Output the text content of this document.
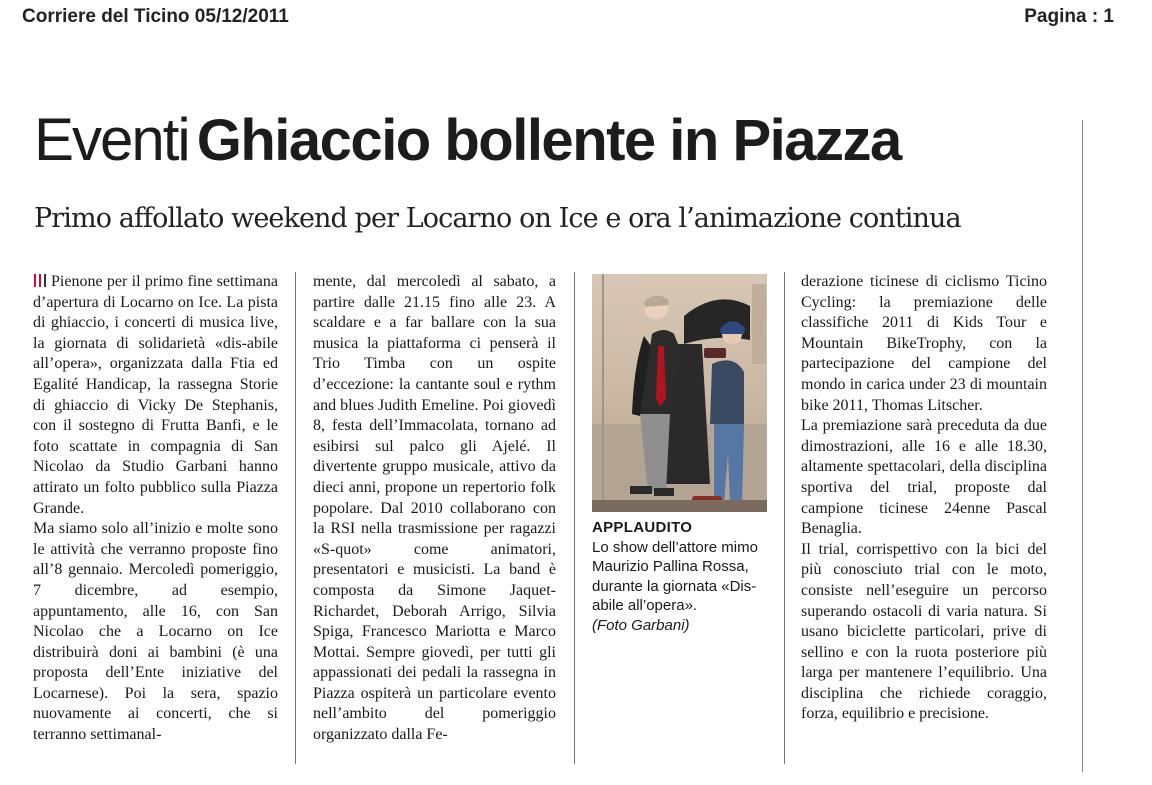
Corriere del Ticino 05/12/2011	Pagina : 1
Eventi Ghiaccio bollente in Piazza
Primo affollato weekend per Locarno on Ice e ora l’animazione continua

Pienone per il primo fine settimana d’apertura di Locarno on Ice. La pista di ghiaccio, i concerti di musica live, la giornata di solidarietà «dis-abile all’opera», organizzata dalla Ftia ed Egalité Handicap, la rassegna Storie di ghiaccio di Vicky De Stephanis, con il sostegno di Frutta Banfi, e le foto scattate in compagnia di San Nicolao da Studio Garbani hanno attirato un folto pubblico sulla Piazza Grande.

Ma siamo solo all’inizio e molte sono le attività che verranno proposte fino all’8 gennaio. Mercoledì pomeriggio, 7 dicembre, ad esempio, appuntamento, alle 16, con San Nicolao che a Locarno on Ice distribuirà doni ai bambini (è una proposta dell’Ente iniziative del Locarnese). Poi la sera, spazio nuovamente ai concerti, che si terranno settimanal-

mente, dal mercoledì al sabato, a partire dalle 21.15 fino alle 23. A scaldare e a far ballare con la sua musica la piattaforma ci penserà il Trio Timba con un ospite d’eccezione: la cantante soul e rythm and blues Judith Emeline. Poi giovedì 8, festa dell’Immacolata, tornano ad esibirsi sul palco gli Ajelé. Il divertente gruppo musicale, attivo da dieci anni, propone un repertorio folk popolare. Dal 2010 collaborano con la RSI nella trasmissione per ragazzi «S-quot» come animatori, presentatori e musicisti. La band è composta da Simone Jaquet-Richardet, Deborah Arrigo, Silvia Spiga, Francesco Mariotta e Marco Mottai. Sempre giovedì, per tutti gli appassionati dei pedali la rassegna in Piazza ospiterà un particolare evento nell’ambito del pomeriggio organizzato dalla Fe-

APPLAUDITO
Lo show dell’attore mimo Maurizio Pallina Rossa, durante la giornata «Dis-abile all’opera».
(Foto Garbani)

derazione ticinese di ciclismo Ticino Cycling: la premiazione delle classifiche 2011 di Kids Tour e Mountain BikeTrophy, con la partecipazione del campione del mondo in carica under 23 di mountain bike 2011, Thomas Litscher.

La premiazione sarà preceduta da due dimostrazioni, alle 16 e alle 18.30, altamente spettacolari, della disciplina sportiva del trial, proposte dal campione ticinese 24enne Pascal Benaglia.

Il trial, corrispettivo con la bici del più conosciuto trial con le moto, consiste nell’eseguire un percorso superando ostacoli di varia natura. Si usano biciclette particolari, prive di sellino e con la ruota posteriore più larga per mantenere l’equilibrio. Una disciplina che richiede coraggio, forza, equilibrio e precisione.
